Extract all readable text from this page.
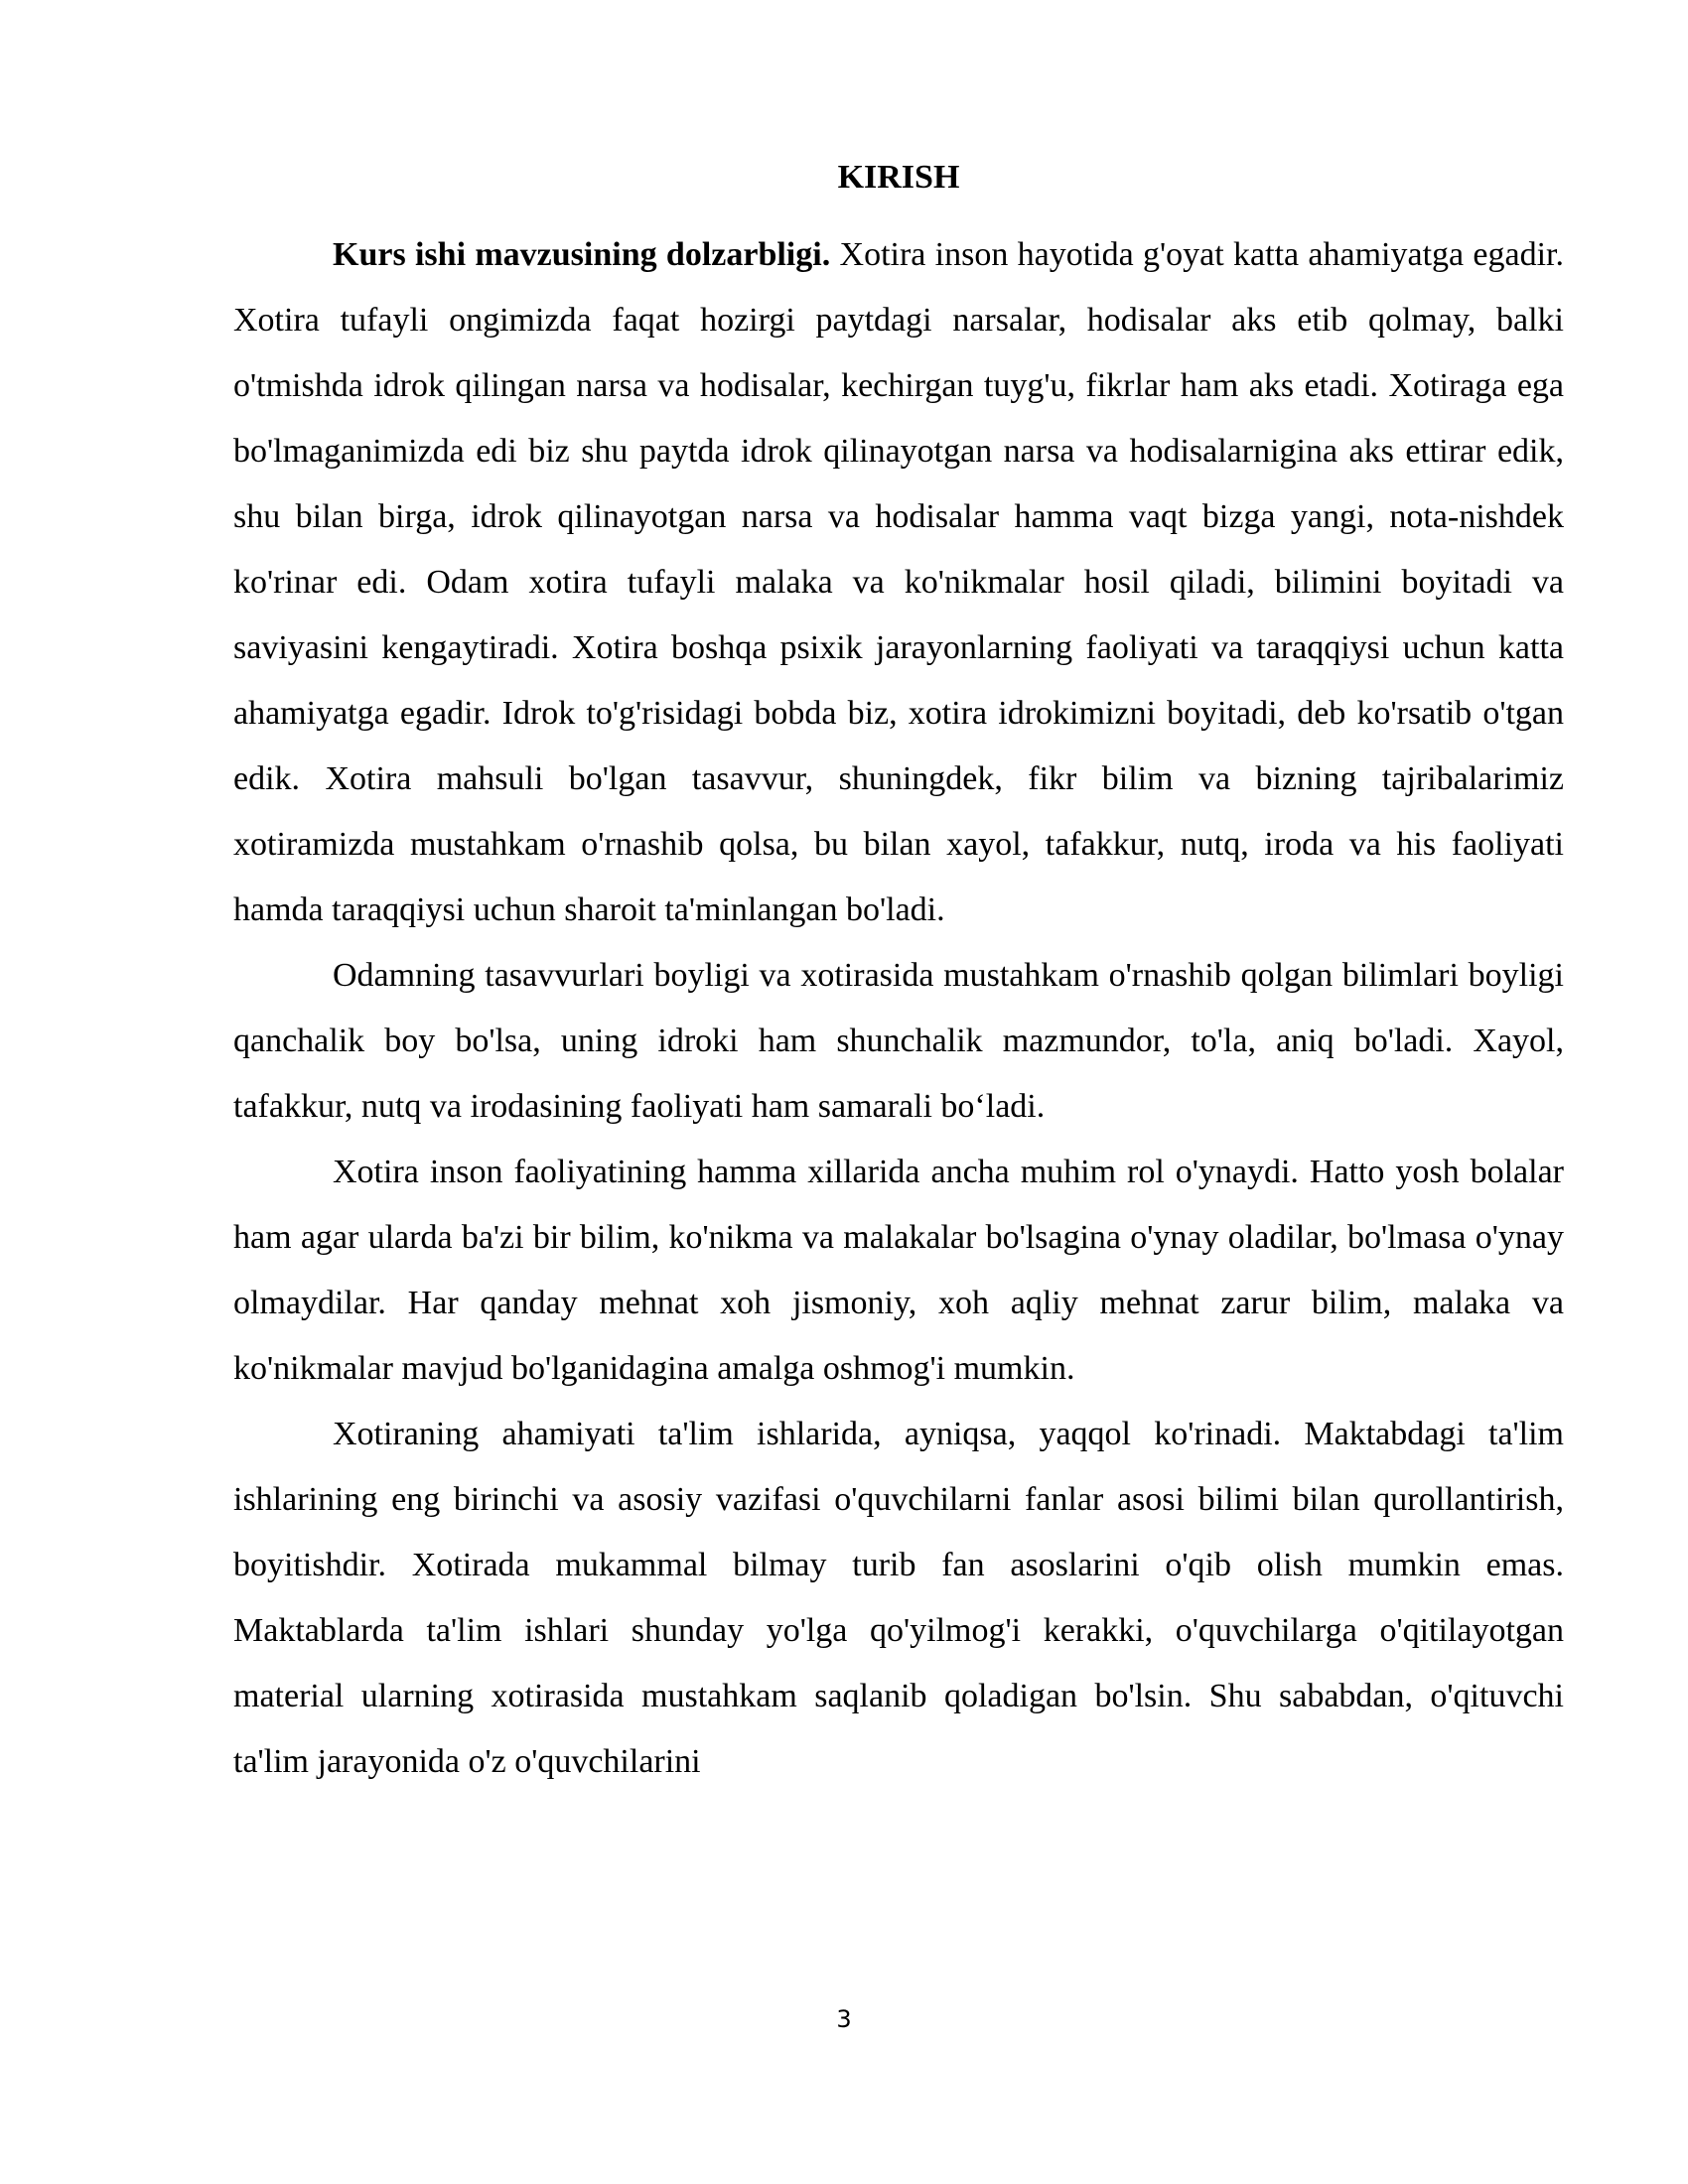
KIRISH

Kurs ishi mavzusining dolzarbligi. Xotira inson hayotida g'oyat katta ahamiyatga egadir. Xotira tufayli ongimizda faqat hozirgi paytdagi narsalar, hodisalar aks etib qolmay, balki o'tmishda idrok qilingan narsa va hodisalar, kechirgan tuyg'u, fikrlar ham aks etadi. Xotiraga ega bo'lmaganimizda edi biz shu paytda idrok qilinayotgan narsa va hodisalarnigina aks ettirar edik, shu bilan birga, idrok qilinayotgan narsa va hodisalar hamma vaqt bizga yangi, nota-nishdek ko'rinar edi. Odam xotira tufayli malaka va ko'nikmalar hosil qiladi, bilimini boyitadi va saviyasini kengaytiradi. Xotira boshqa psixik jarayonlarning faoliyati va taraqqiysi uchun katta ahamiyatga egadir. Idrok to'g'risidagi bobda biz, xotira idrokimizni boyitadi, deb ko'rsatib o'tgan edik. Xotira mahsuli bo'lgan tasavvur, shuningdek, fikr bilim va bizning tajribalarimiz xotiramizda mustahkam o'rnashib qolsa, bu bilan xayol, tafakkur, nutq, iroda va his faoliyati hamda taraqqiysi uchun sharoit ta'minlangan bo'ladi.

Odamning tasavvurlari boyligi va xotirasida mustahkam o'rnashib qolgan bilimlari boyligi qanchalik boy bo'lsa, uning idroki ham shunchalik mazmundor, to'la, aniq bo'ladi. Xayol, tafakkur, nutq va irodasining faoliyati ham samarali bo‘ladi.

Xotira inson faoliyatining hamma xillarida ancha muhim rol o'ynaydi. Hatto yosh bolalar ham agar ularda ba'zi bir bilim, ko'nikma va malakalar bo'lsagina o'ynay oladilar, bo'lmasa o'ynay olmaydilar. Har qanday mehnat xoh jismoniy, xoh aqliy mehnat zarur bilim, malaka va ko'nikmalar mavjud bo'lganidagina amalga oshmog'i mumkin.

Xotiraning ahamiyati ta'lim ishlarida, ayniqsa, yaqqol ko'rinadi. Maktabdagi ta'lim ishlarining eng birinchi va asosiy vazifasi o'quvchilarni fanlar asosi bilimi bilan qurollantirish, boyitishdir. Xotirada mukammal bilmay turib fan asoslarini o'qib olish mumkin emas. Maktablarda ta'lim ishlari shunday yo'lga qo'yilmog'i kerakki, o'quvchilarga o'qitilayotgan material ularning xotirasida mustahkam saqlanib qoladigan bo'lsin. Shu sababdan, o'qituvchi ta'lim jarayonida o'z o'quvchilarini

3
